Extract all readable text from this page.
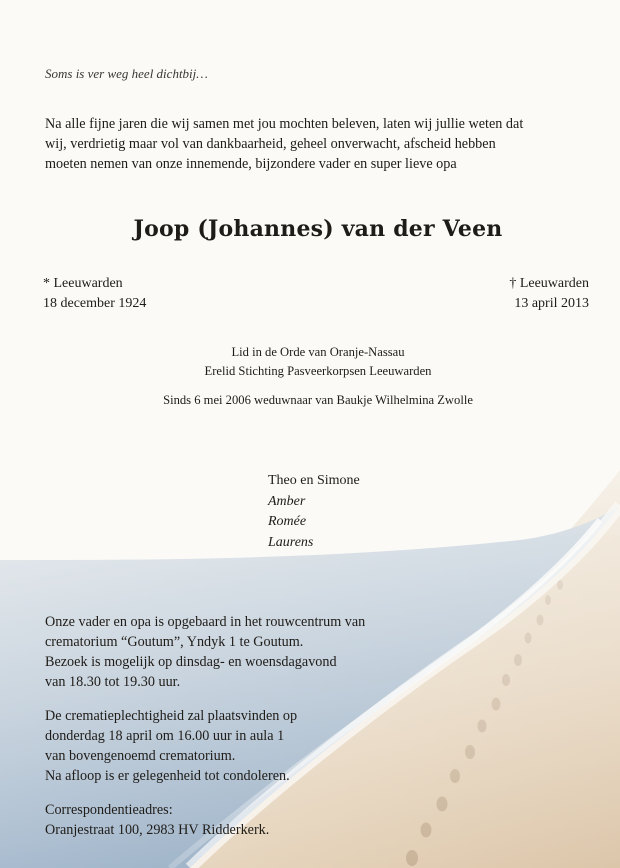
Soms is ver weg heel dichtbij…

Na alle fijne jaren die wij samen met jou mochten beleven, laten wij jullie weten dat
wij, verdrietig maar vol van dankbaarheid, geheel onverwacht, afscheid hebben
moeten nemen van onze innemende, bijzondere vader en super lieve opa

Joop (Johannes) van der Veen
* Leeuwarden
18 december 1924
† Leeuwarden
13 april 2013
Lid in de Orde van Oranje-Nassau
Erelid Stichting Pasveerkorpsen Leeuwarden

Sinds 6 mei 2006 weduwnaar van Baukje Wilhelmina Zwolle

Theo en Simone
Amber
Romée
Laurens
Onze vader en opa is opgebaard in het rouwcentrum van
crematorium “Goutum”, Yndyk 1 te Goutum.
Bezoek is mogelijk op dinsdag- en woensdagavond
van 18.30 tot 19.30 uur.
De crematieplechtigheid zal plaatsvinden op
donderdag 18 april om 16.00 uur in aula 1
van bovengenoemd crematorium.
Na afloop is er gelegenheid tot condoleren.
Correspondentieadres:
Oranjestraat 100, 2983 HV Ridderkerk.
